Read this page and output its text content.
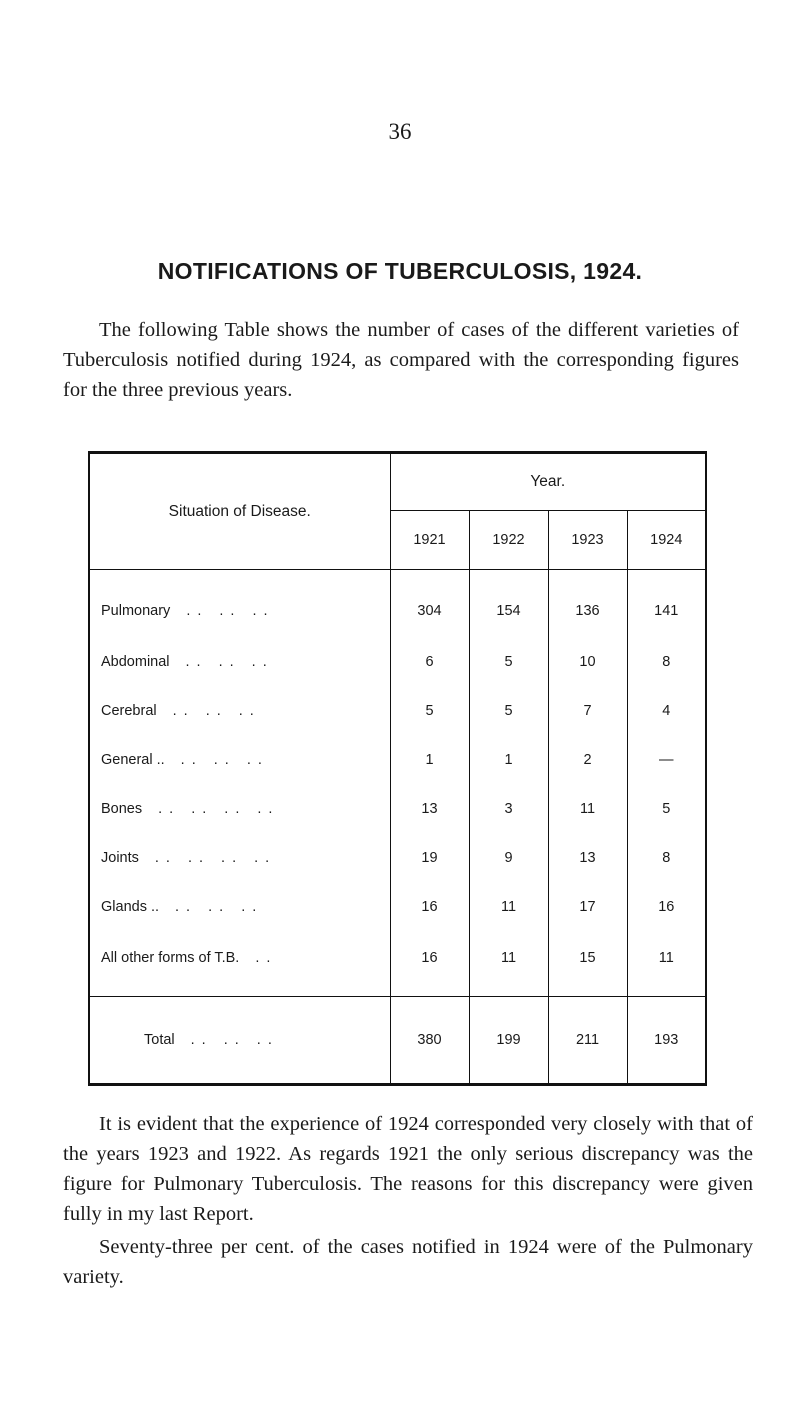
36
NOTIFICATIONS OF TUBERCULOSIS, 1924.
The following Table shows the number of cases of the different varieties of Tuberculosis notified during 1924, as compared with the corresponding figures for the three previous years.
Situation of Disease.	Year.			
	1921	1922	1923	1924
Pulmonary .. .. ..	304	154	136	141
Abdominal .. .. ..	6	5	10	8
Cerebral .. .. ..	5	5	7	4
General .. .. .. ..	1	1	2	—
Bones .. .. .. ..	13	3	11	5
Joints .. .. .. ..	19	9	13	8
Glands .. .. .. ..	16	11	17	16
All other forms of T.B. ..	16	11	15	11
Total .. .. ..	380	199	211	193
It is evident that the experience of 1924 corresponded very closely with that of the years 1923 and 1922. As regards 1921 the only serious discrepancy was the figure for Pulmonary Tuberculosis. The reasons for this discrepancy were given fully in my last Report.
Seventy-three per cent. of the cases notified in 1924 were of the Pulmonary variety.
